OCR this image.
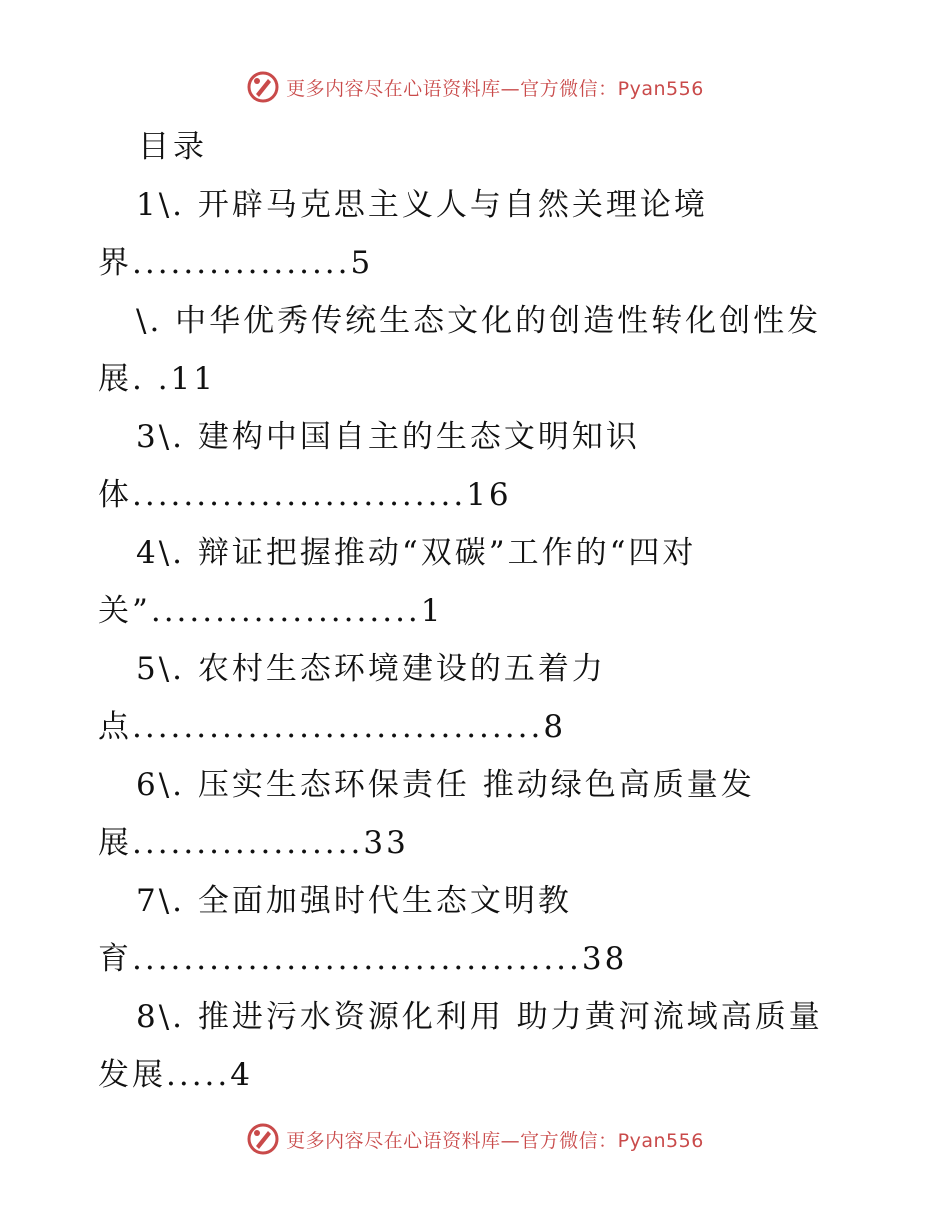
更多内容尽在心语资料库—官方微信：Pyan556
目录
1\. 开辟马克思主义人与自然关理论境
界.................5
\. 中华优秀传统生态文化的创造性转化创性发
展. .11
3\. 建构中国自主的生态文明知识
体..........................16
4\. 辩证把握推动“双碳”工作的“四对
关”.....................1
5\. 农村生态环境建设的五着力
点................................8
6\. 压实生态环保责任 推动绿色高质量发
展..................33
7\. 全面加强时代生态文明教
育...................................38
8\. 推进污水资源化利用 助力黄河流域高质量
发展.....4
更多内容尽在心语资料库—官方微信：Pyan556
